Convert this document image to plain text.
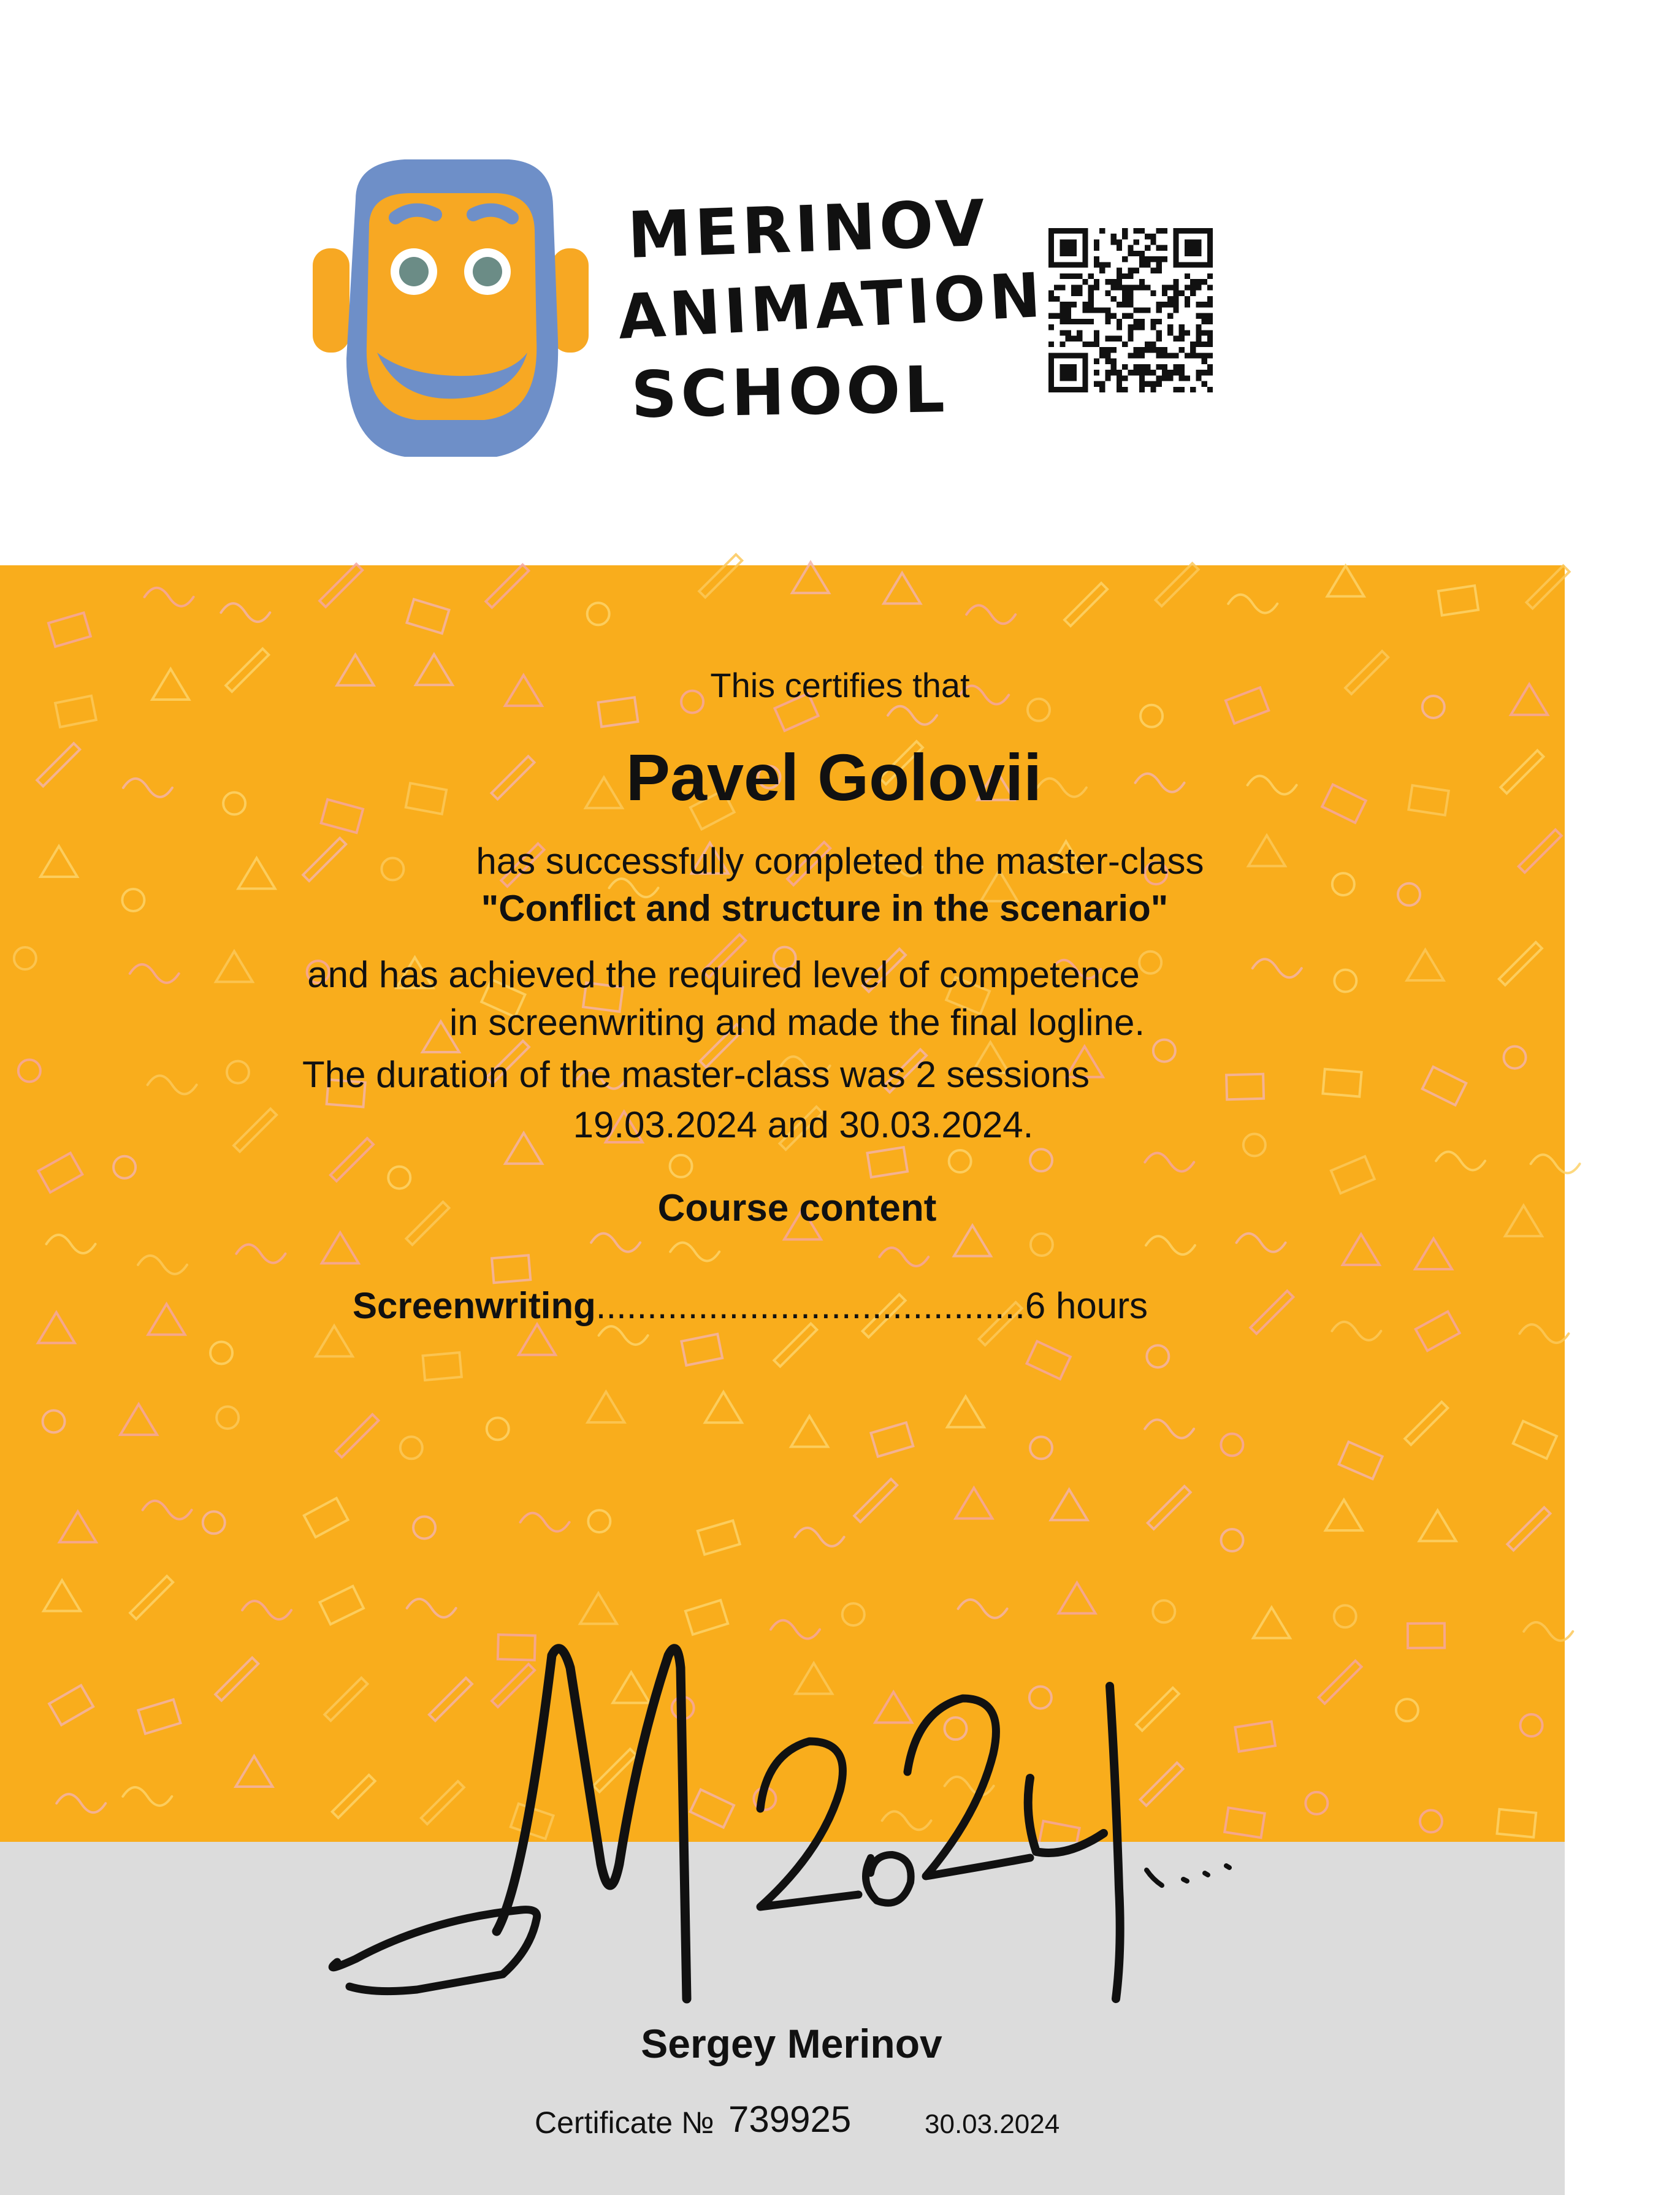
MERINOV
ANIMATION
SCHOOL
This certifies that
Pavel Golovii
has successfully completed the master-class
"Conflict and structure in the scenario"
and has achieved the required level of competence
in screenwriting and made the final logline.
The duration of the master-class was 2 sessions
19.03.2024 and 30.03.2024.
Course content
Screenwriting..........................................6 hours
Sergey Merinov
Certificate № 739925	30.03.2024
